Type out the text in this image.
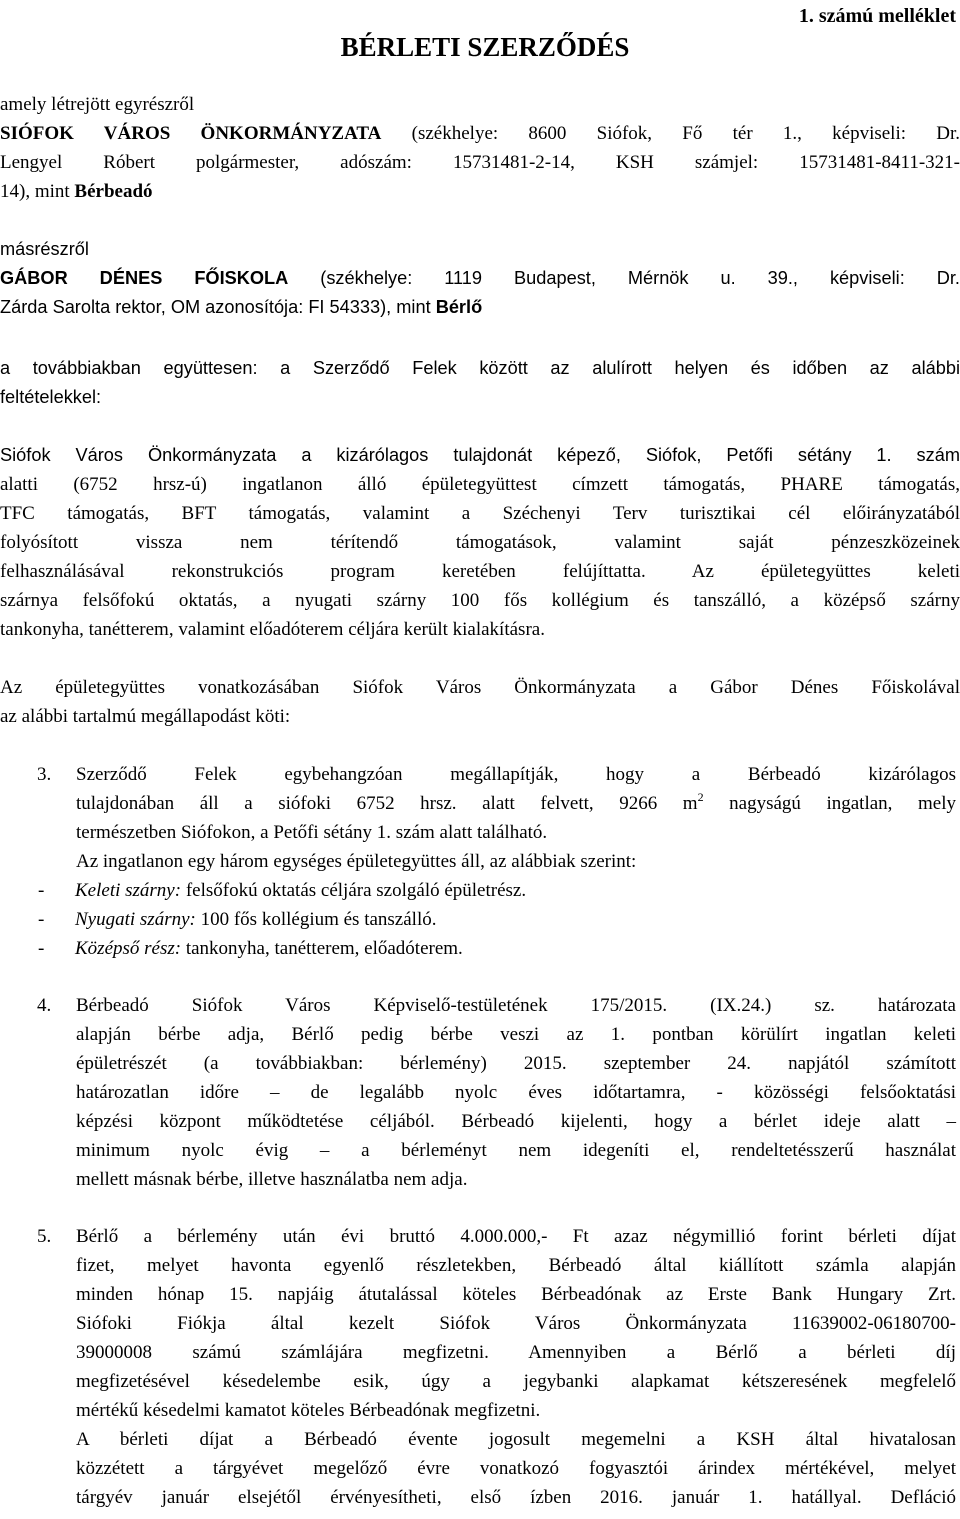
1. számú melléklet
BÉRLETI SZERZŐDÉS
amely létrejött egyrészről
SIÓFOK VÁROS ÖNKORMÁNYZATA (székhelye: 8600 Siófok, Fő tér 1., képviseli: Dr.
Lengyel Róbert polgármester, adószám: 15731481-2-14, KSH számjel: 15731481-8411-321-
14), mint Bérbeadó
másrészről
GÁBOR DÉNES FŐISKOLA (székhelye: 1119 Budapest, Mérnök u. 39., képviseli: Dr.
Zárda Sarolta rektor, OM azonosítója: FI 54333), mint Bérlő
a továbbiakban együttesen: a Szerződő Felek között az alulírott helyen és időben az alábbi
feltételekkel:
Siófok Város Önkormányzata a kizárólagos tulajdonát képező, Siófok, Petőfi sétány 1. szám
alatti (6752 hrsz-ú) ingatlanon álló épületegyüttest címzett támogatás, PHARE támogatás,
TFC támogatás, BFT támogatás, valamint a Széchenyi Terv turisztikai cél előirányzatából
folyósított vissza nem térítendő támogatások, valamint saját pénzeszközeinek
felhasználásával rekonstrukciós program keretében felújíttatta. Az épületegyüttes keleti
szárnya felsőfokú oktatás, a nyugati szárny 100 fős kollégium és tanszálló, a középső szárny
tankonyha, tanétterem, valamint előadóterem céljára került kialakításra.
Az épületegyüttes vonatkozásában Siófok Város Önkormányzata a Gábor Dénes Főiskolával
az alábbi tartalmú megállapodást köti:
3. Szerződő Felek egybehangzóan megállapítják, hogy a Bérbeadó kizárólagos
tulajdonában áll a siófoki 6752 hrsz. alatt felvett, 9266 $m^2$ nagyságú ingatlan, mely
természetben Siófokon, a Petőfi sétány 1. szám alatt található.
Az ingatlanon egy három egységes épületegyüttes áll, az alábbiak szerint:
- Keleti szárny: felsőfokú oktatás céljára szolgáló épületrész.
- Nyugati szárny: 100 fős kollégium és tanszálló.
- Középső rész: tankonyha, tanétterem, előadóterem.
4. Bérbeadó Siófok Város Képviselő-testületének 175/2015. (IX.24.) sz. határozata
alapján bérbe adja, Bérlő pedig bérbe veszi az 1. pontban körülírt ingatlan keleti
épületrészét (a továbbiakban: bérlemény) 2015. szeptember 24. napjától számított
határozatlan időre – de legalább nyolc éves időtartamra, - közösségi felsőoktatási
képzési központ működtetése céljából. Bérbeadó kijelenti, hogy a bérlet ideje alatt –
minimum nyolc évig – a bérleményt nem idegeníti el, rendeltetésszerű használat
mellett másnak bérbe, illetve használatba nem adja.
5. Bérlő a bérlemény után évi bruttó 4.000.000,- Ft azaz négymillió forint bérleti díjat
fizet, melyet havonta egyenlő részletekben, Bérbeadó által kiállított számla alapján
minden hónap 15. napjáig átutalással köteles Bérbeadónak az Erste Bank Hungary Zrt.
Siófoki Fiókja által kezelt Siófok Város Önkormányzata 11639002-06180700-
39000008 számú számlájára megfizetni. Amennyiben a Bérlő a bérleti díj
megfizetésével késedelembe esik, úgy a jegybanki alapkamat kétszeresének megfelelő
mértékű késedelmi kamatot köteles Bérbeadónak megfizetni.
A bérleti díjat a Bérbeadó évente jogosult megemelni a KSH által hivatalosan
közzétett a tárgyévet megelőző évre vonatkozó fogyasztói árindex mértékével, melyet
tárgyév január elsejétől érvényesítheti, első ízben 2016. január 1. hatállyal. Defláció
